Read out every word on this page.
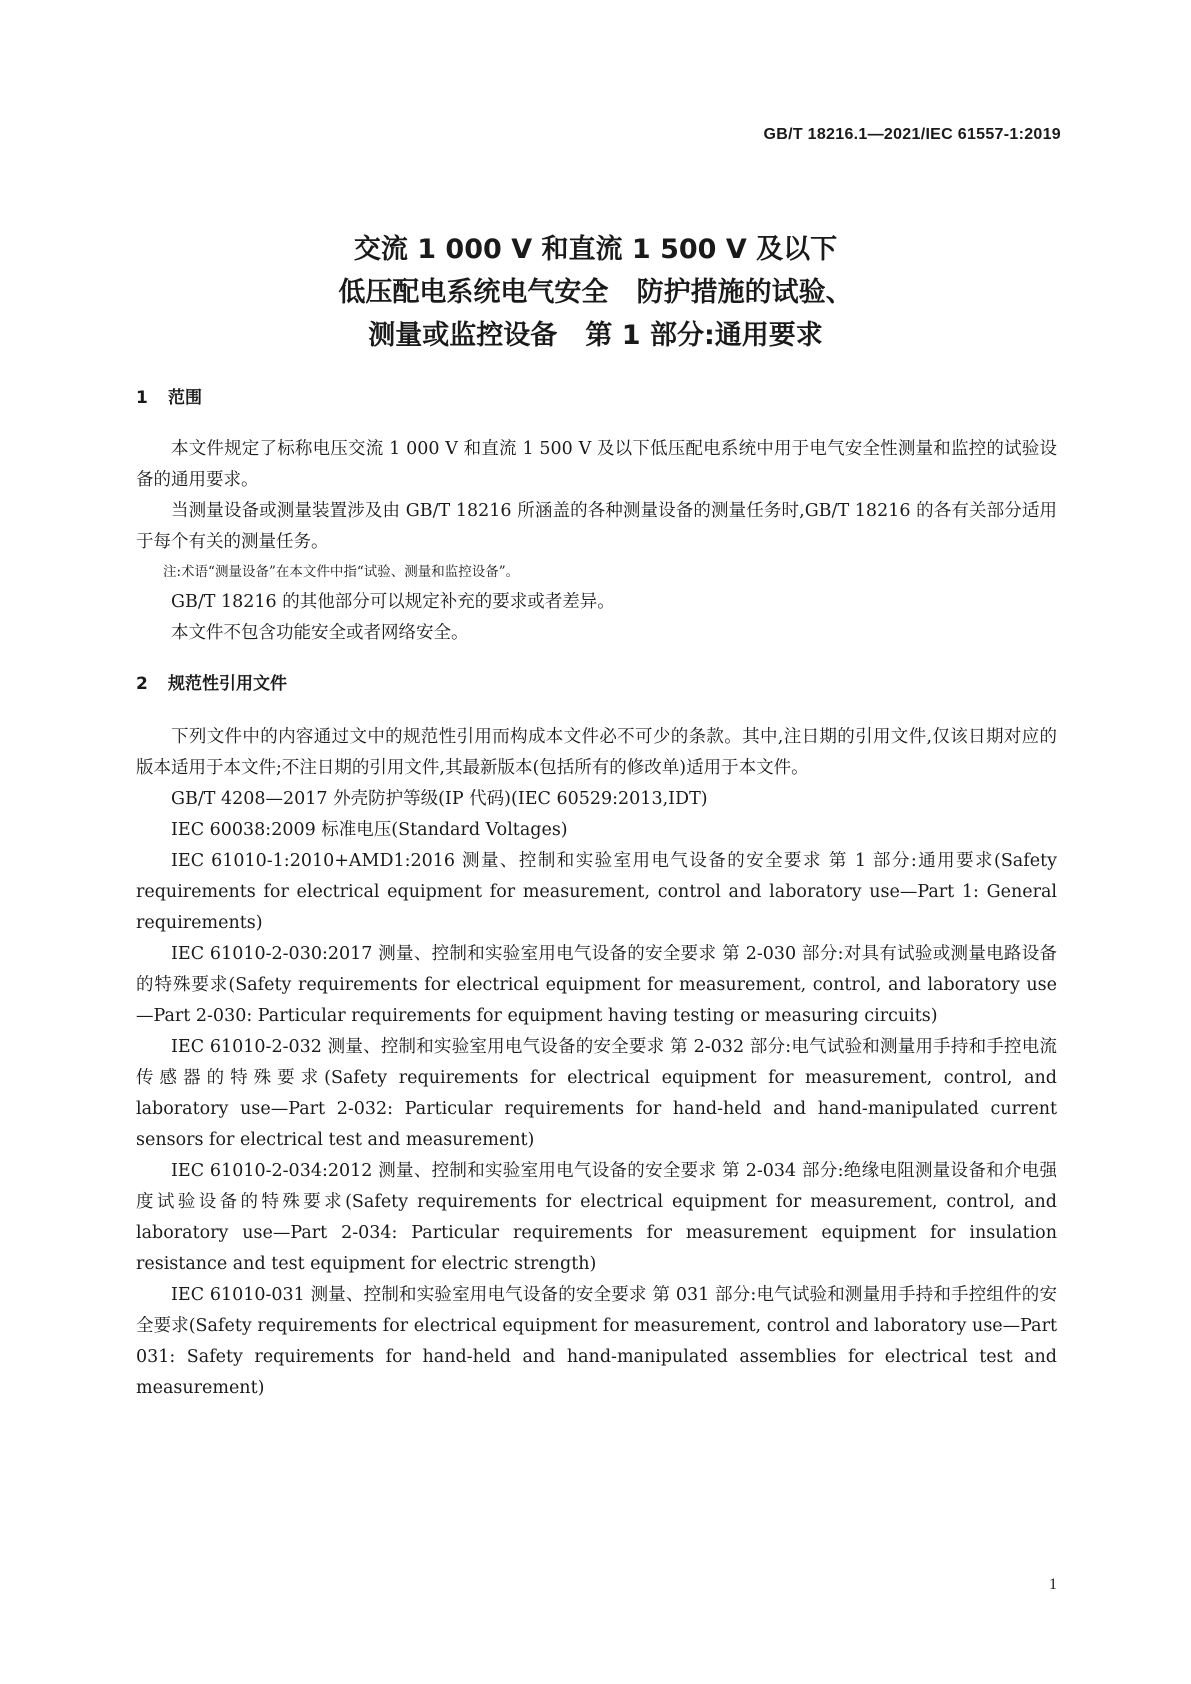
GB/T 18216.1—2021/IEC 61557-1:2019
交流 1 000 V 和直流 1 500 V 及以下
低压配电系统电气安全   防护措施的试验、
测量或监控设备   第 1 部分:通用要求
1 范围

本文件规定了标称电压交流 1 000 V 和直流 1 500 V 及以下低压配电系统中用于电气安全性测量和监控的试验设备的通用要求。

当测量设备或测量装置涉及由 GB/T 18216 所涵盖的各种测量设备的测量任务时,GB/T 18216 的各有关部分适用于每个有关的测量任务。

注:术语“测量设备”在本文件中指“试验、测量和监控设备”。

GB/T 18216 的其他部分可以规定补充的要求或者差异。

本文件不包含功能安全或者网络安全。

2 规范性引用文件

下列文件中的内容通过文中的规范性引用而构成本文件必不可少的条款。其中,注日期的引用文件,仅该日期对应的版本适用于本文件;不注日期的引用文件,其最新版本(包括所有的修改单)适用于本文件。

GB/T 4208—2017 外壳防护等级(IP 代码)(IEC 60529:2013,IDT)

IEC 60038:2009 标准电压(Standard Voltages)

IEC 61010-1:2010+AMD1:2016 测量、控制和实验室用电气设备的安全要求 第 1 部分:通用要求(Safety requirements for electrical equipment for measurement, control and laboratory use—Part 1: General requirements)

IEC 61010-2-030:2017 测量、控制和实验室用电气设备的安全要求 第 2-030 部分:对具有试验或测量电路设备的特殊要求(Safety requirements for electrical equipment for measurement, control, and laboratory use—Part 2-030: Particular requirements for equipment having testing or measuring circuits)

IEC 61010-2-032 测量、控制和实验室用电气设备的安全要求 第 2-032 部分:电气试验和测量用手持和手控电流传感器的特殊要求(Safety requirements for electrical equipment for measurement, control, and laboratory use—Part 2-032: Particular requirements for hand-held and hand-manipulated current sensors for electrical test and measurement)

IEC 61010-2-034:2012 测量、控制和实验室用电气设备的安全要求 第 2-034 部分:绝缘电阻测量设备和介电强度试验设备的特殊要求(Safety requirements for electrical equipment for measurement, control, and laboratory use—Part 2-034: Particular requirements for measurement equipment for insulation resistance and test equipment for electric strength)

IEC 61010-031 测量、控制和实验室用电气设备的安全要求 第 031 部分:电气试验和测量用手持和手控组件的安全要求(Safety requirements for electrical equipment for measurement, control and laboratory use—Part 031: Safety requirements for hand-held and hand-manipulated assemblies for electrical test and measurement)

1
